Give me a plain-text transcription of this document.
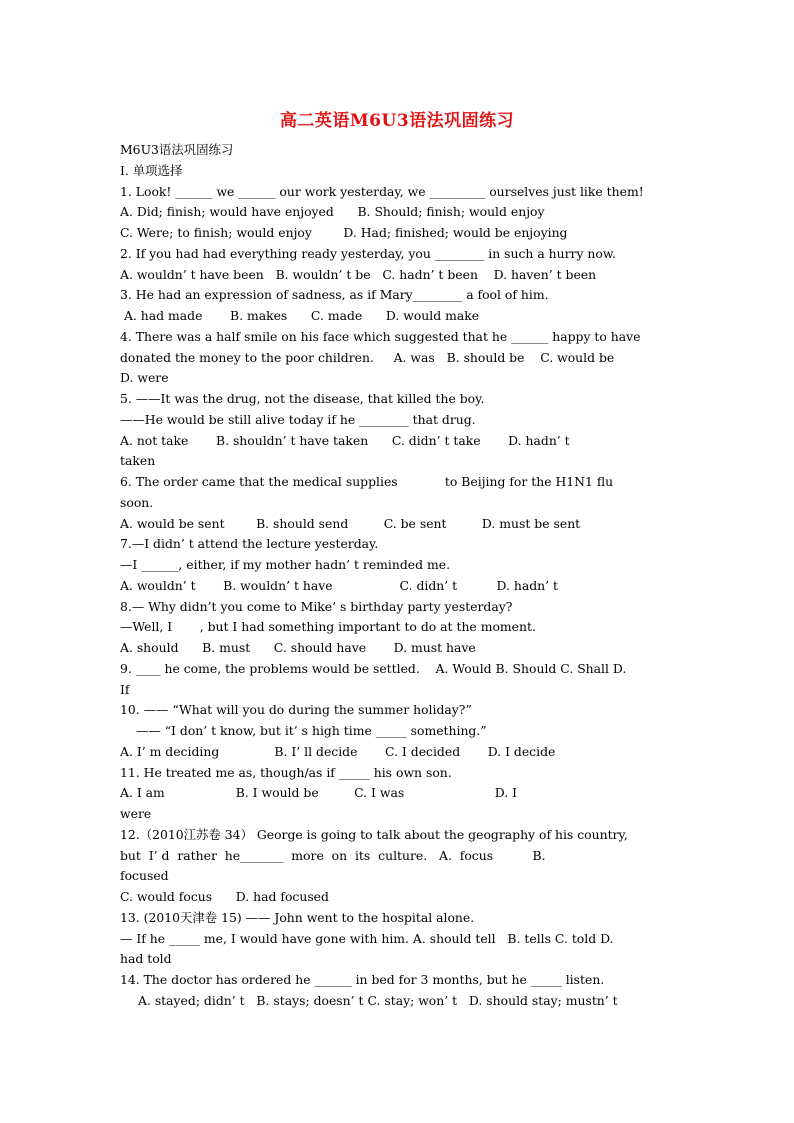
高二英语M6U3语法巩固练习
M6U3语法巩固练习
I. 单项选择
1. Look! ______ we ______ our work yesterday, we _________ ourselves just like them!
A. Did; finish; would have enjoyed      B. Should; finish; would enjoy
C. Were; to finish; would enjoy        D. Had; finished; would be enjoying
2. If you had had everything ready yesterday, you ________ in such a hurry now.
A. wouldn’ t have been   B. wouldn’ t be   C. hadn’ t been    D. haven’ t been
3. He had an expression of sadness, as if Mary________ a fool of him.
A. had made       B. makes      C. made      D. would make
4. There was a half smile on his face which suggested that he ______ happy to have
donated the money to the poor children.     A. was   B. should be    C. would be
D. were
5. ——It was the drug, not the disease, that killed the boy.
——He would be still alive today if he ________ that drug.
A. not take       B. shouldn’ t have taken      C. didn’ t take       D. hadn’ t
taken
6. The order came that the medical supplies            to Beijing for the H1N1 flu
soon.
A. would be sent        B. should send         C. be sent         D. must be sent
7.—I didn’ t attend the lecture yesterday.
—I ______, either, if my mother hadn’ t reminded me.
A. wouldn’ t       B. wouldn’ t have                 C. didn’ t          D. hadn’ t
8.— Why didn’t you come to Mike’ s birthday party yesterday?
—Well, I       , but I had something important to do at the moment.
A. should      B. must      C. should have       D. must have
9. ____ he come, the problems would be settled.    A. Would B. Should C. Shall D.
If
10. —— “What will you do during the summer holiday?”
—— “I don’ t know, but it’ s high time _____ something.”
A. I’ m deciding              B. I’ ll decide       C. I decided       D. I decide
11. He treated me as, though/as if _____ his own son.
A. I am                  B. I would be         C. I was                       D. I
were
12.（2010江苏卷 34） George is going to talk about the geography of his country,
but  I’ d  rather  he_______  more  on  its  culture.   A.  focus          B.
focused
C. would focus      D. had focused
13. (2010天津卷 15) —— John went to the hospital alone.
— If he _____ me, I would have gone with him. A. should tell   B. tells C. told D.
had told
14. The doctor has ordered he ______ in bed for 3 months, but he _____ listen.
A. stayed; didn’ t   B. stays; doesn’ t C. stay; won’ t   D. should stay; mustn’ t
